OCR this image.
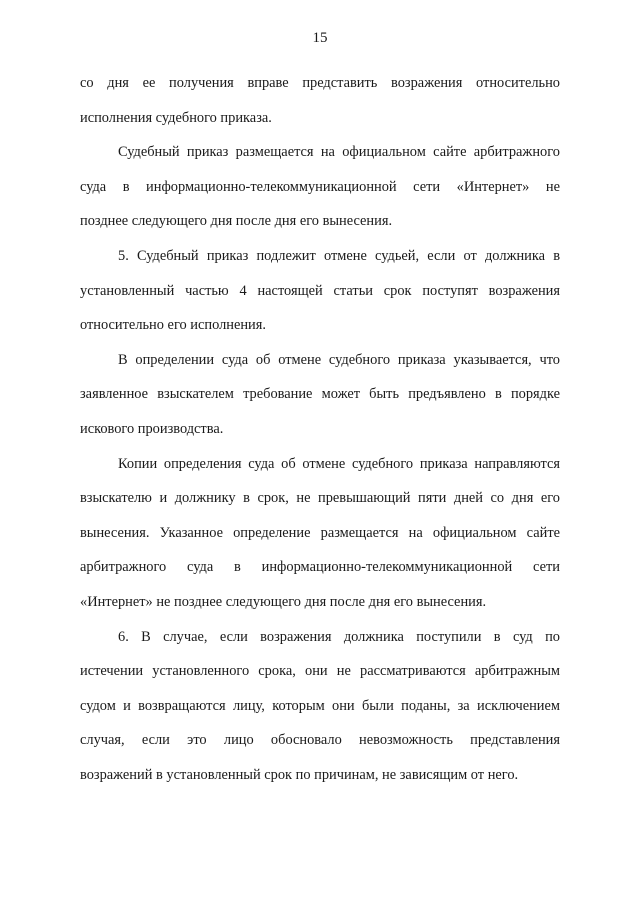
15
со дня ее получения вправе представить возражения относительно
исполнения судебного приказа.
Судебный приказ размещается на официальном сайте арбитражного
суда в информационно-телекоммуникационной сети «Интернет» не
позднее следующего дня после дня его вынесения.
5. Судебный приказ подлежит отмене судьей, если от должника в
установленный частью 4 настоящей статьи срок поступят возражения
относительно его исполнения.
В определении суда об отмене судебного приказа указывается, что
заявленное взыскателем требование может быть предъявлено в порядке
искового производства.
Копии определения суда об отмене судебного приказа направляются
взыскателю и должнику в срок, не превышающий пяти дней со дня его
вынесения. Указанное определение размещается на официальном сайте
арбитражного суда в информационно-телекоммуникационной сети
«Интернет» не позднее следующего дня после дня его вынесения.
6. В случае, если возражения должника поступили в суд по
истечении установленного срока, они не рассматриваются арбитражным
судом и возвращаются лицу, которым они были поданы, за исключением
случая, если это лицо обосновало невозможность представления
возражений в установленный срок по причинам, не зависящим от него.
